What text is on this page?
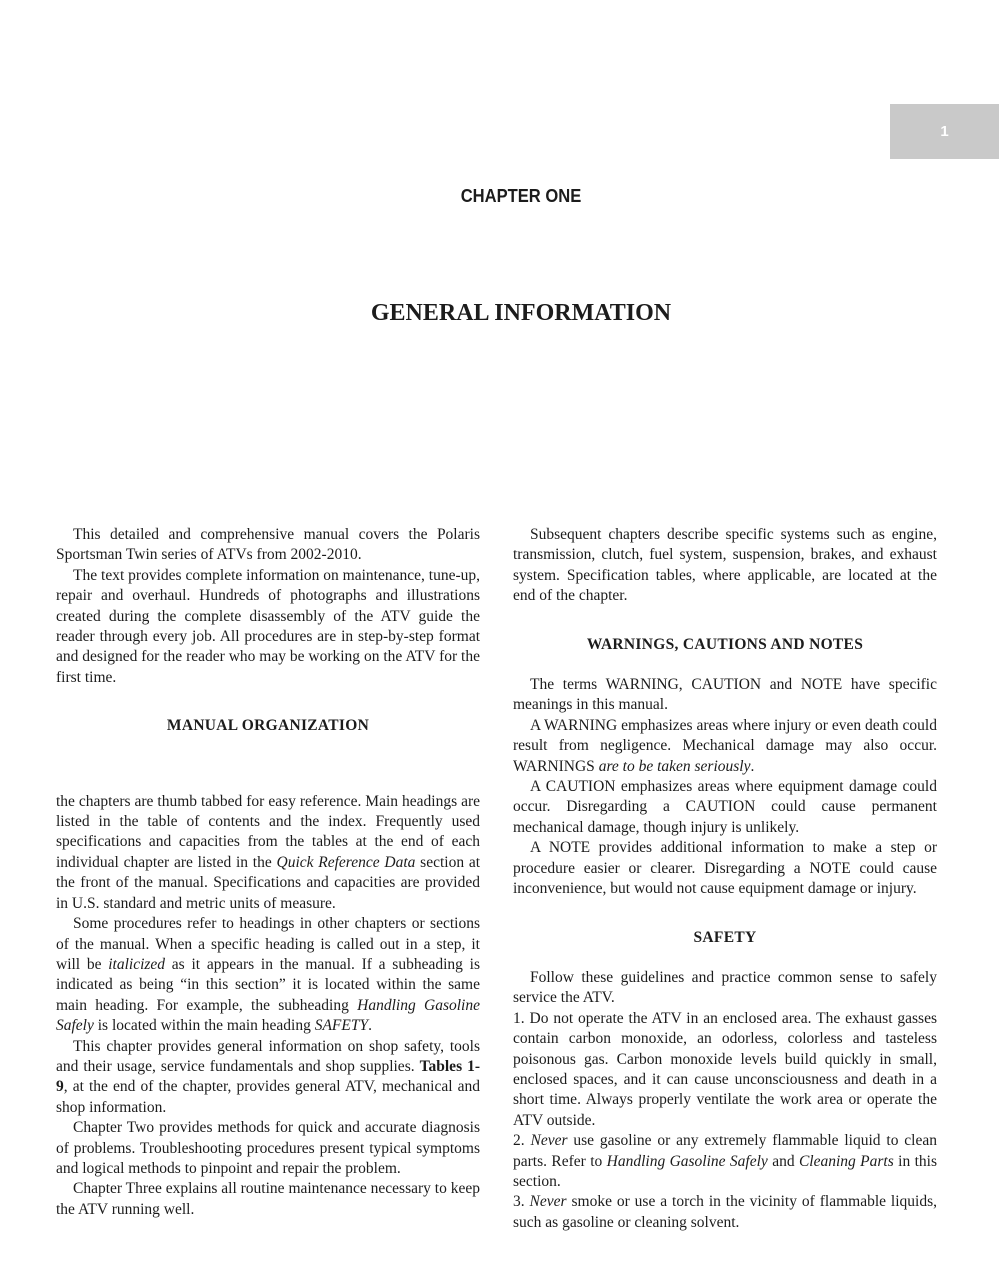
1
CHAPTER ONE
GENERAL INFORMATION

This detailed and comprehensive manual covers the Polaris Sportsman Twin series of ATVs from 2002-2010.

The text provides complete information on maintenance, tune-up, repair and overhaul. Hundreds of photographs and illustrations created during the complete disassembly of the ATV guide the reader through every job. All procedures are in step-by-step format and designed for the reader who may be working on the ATV for the first time.

MANUAL ORGANIZATION

the chapters are thumb tabbed for easy reference. Main headings are listed in the table of contents and the index. Frequently used specifications and capacities from the tables at the end of each individual chapter are listed in the Quick Reference Data section at the front of the manual. Specifications and capacities are provided in U.S. standard and metric units of measure.

Some procedures refer to headings in other chapters or sections of the manual. When a specific heading is called out in a step, it will be italicized as it appears in the manual. If a subheading is indicated as being “in this section” it is located within the same main heading. For example, the subheading Handling Gasoline Safely is located within the main heading SAFETY.

This chapter provides general information on shop safety, tools and their usage, service fundamentals and shop supplies. Tables 1-9, at the end of the chapter, provides general ATV, mechanical and shop information.

Chapter Two provides methods for quick and accurate diagnosis of problems. Troubleshooting procedures present typical symptoms and logical methods to pinpoint and repair the problem.

Chapter Three explains all routine maintenance necessary to keep the ATV running well.

Subsequent chapters describe specific systems such as engine, transmission, clutch, fuel system, suspension, brakes, and exhaust system. Specification tables, where applicable, are located at the end of the chapter.

WARNINGS, CAUTIONS AND NOTES

The terms WARNING, CAUTION and NOTE have specific meanings in this manual.

A WARNING emphasizes areas where injury or even death could result from negligence. Mechanical damage may also occur. WARNINGS are to be taken seriously.

A CAUTION emphasizes areas where equipment damage could occur. Disregarding a CAUTION could cause permanent mechanical damage, though injury is unlikely.

A NOTE provides additional information to make a step or procedure easier or clearer. Disregarding a NOTE could cause inconvenience, but would not cause equipment damage or injury.

SAFETY

Follow these guidelines and practice common sense to safely service the ATV.

1. Do not operate the ATV in an enclosed area. The exhaust gasses contain carbon monoxide, an odorless, colorless and tasteless poisonous gas. Carbon monoxide levels build quickly in small, enclosed spaces, and it can cause unconsciousness and death in a short time. Always properly ventilate the work area or operate the ATV outside.

2. Never use gasoline or any extremely flammable liquid to clean parts. Refer to Handling Gasoline Safely and Cleaning Parts in this section.

3. Never smoke or use a torch in the vicinity of flammable liquids, such as gasoline or cleaning solvent.
